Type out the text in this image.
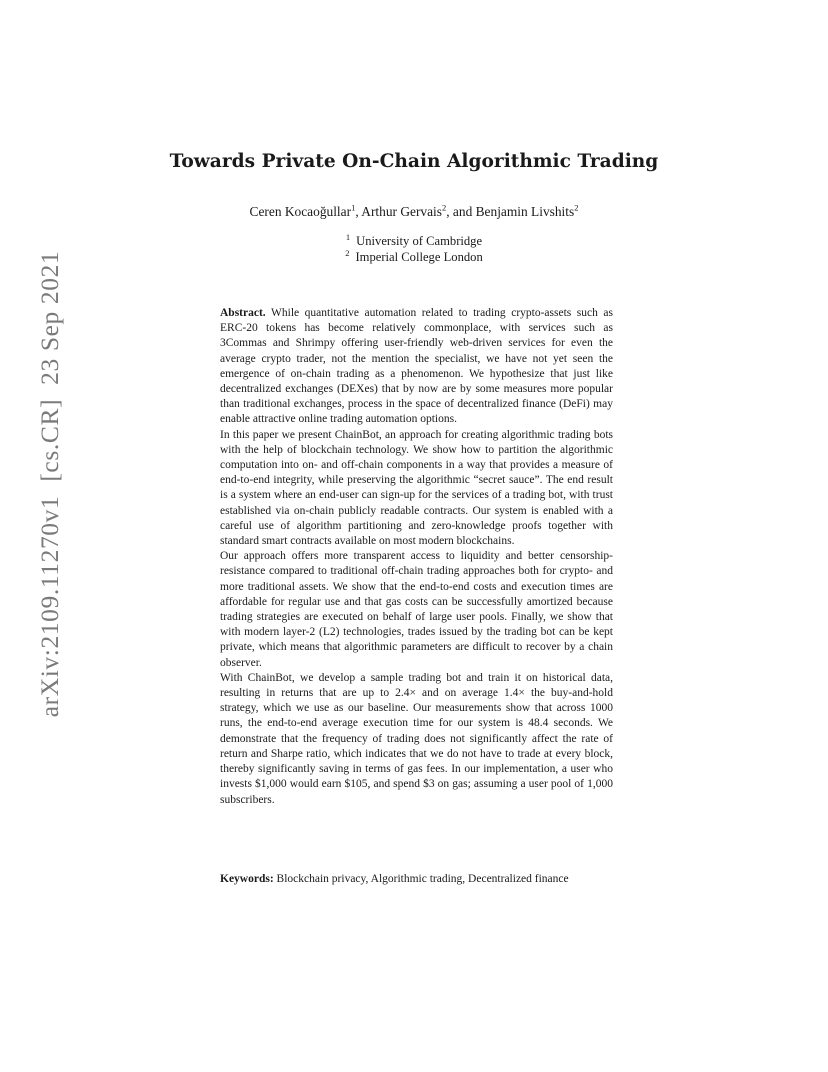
arXiv:2109.11270v1[cs.CR]23 Sep 2021
Towards Private On-Chain Algorithmic Trading
Ceren Kocaoğullar$^1$, Arthur Gervais$^2$, and Benjamin Livshits$^2$
$^1$ University of Cambridge
$^2$ Imperial College London

Abstract. While quantitative automation related to trading crypto-assets such as ERC-20 tokens has become relatively commonplace, with services such as 3Commas and Shrimpy offering user-friendly web-driven services for even the average crypto trader, not the mention the specialist, we have not yet seen the emergence of on-chain trading as a phenomenon. We hypothesize that just like decentralized exchanges (DEXes) that by now are by some measures more popular than traditional exchanges, process in the space of decentralized finance (DeFi) may enable attractive online trading automation options.

In this paper we present ChainBot, an approach for creating algorithmic trading bots with the help of blockchain technology. We show how to partition the algorithmic computation into on- and off-chain components in a way that provides a measure of end-to-end integrity, while preserving the algorithmic “secret sauce”. The end result is a system where an end-user can sign-up for the services of a trading bot, with trust established via on-chain publicly readable contracts. Our system is enabled with a careful use of algorithm partitioning and zero-knowledge proofs together with standard smart contracts available on most modern blockchains.

Our approach offers more transparent access to liquidity and better censorship-resistance compared to traditional off-chain trading approaches both for crypto- and more traditional assets. We show that the end-to-end costs and execution times are affordable for regular use and that gas costs can be successfully amortized because trading strategies are executed on behalf of large user pools. Finally, we show that with modern layer-2 (L2) technologies, trades issued by the trading bot can be kept private, which means that algorithmic parameters are difficult to recover by a chain observer.

With ChainBot, we develop a sample trading bot and train it on historical data, resulting in returns that are up to 2.4× and on average 1.4× the buy-and-hold strategy, which we use as our baseline. Our measurements show that across 1000 runs, the end-to-end average execution time for our system is 48.4 seconds. We demonstrate that the frequency of trading does not significantly affect the rate of return and Sharpe ratio, which indicates that we do not have to trade at every block, thereby significantly saving in terms of gas fees. In our implementation, a user who invests $1,000 would earn $105, and spend $3 on gas; assuming a user pool of 1,000 subscribers.

Keywords: Blockchain privacy, Algorithmic trading, Decentralized finance
